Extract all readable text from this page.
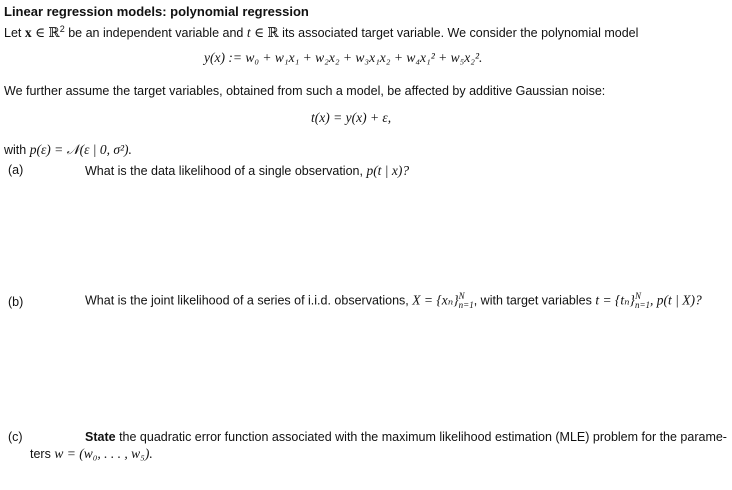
Linear regression models: polynomial regression
Let x ∈ ℝ$^2$ be an independent variable and t ∈ ℝ its associated target variable. We consider the polynomial model
y(x) := w₀ + w₁x₁ + w₂x₂ + w₃x₁x₂ + w₄x₁² + w₅x₂².
We further assume the target variables, obtained from such a model, be affected by additive Gaussian noise:
t(x) = y(x) + ε,
with p(ε) = 𝒩(ε | 0, σ²).
(a)	What is the data likelihood of a single observation, p(t | x)?
(b)	What is the joint likelihood of a series of i.i.d. observations, X = {xₙ} N
n=1 , with target variables t = {tₙ} N
n=1 , p(t | X)?
(c)	State the quadratic error function associated with the maximum likelihood estimation (MLE) problem for the parame-
ters w = (w₀, . . . , w₅).
